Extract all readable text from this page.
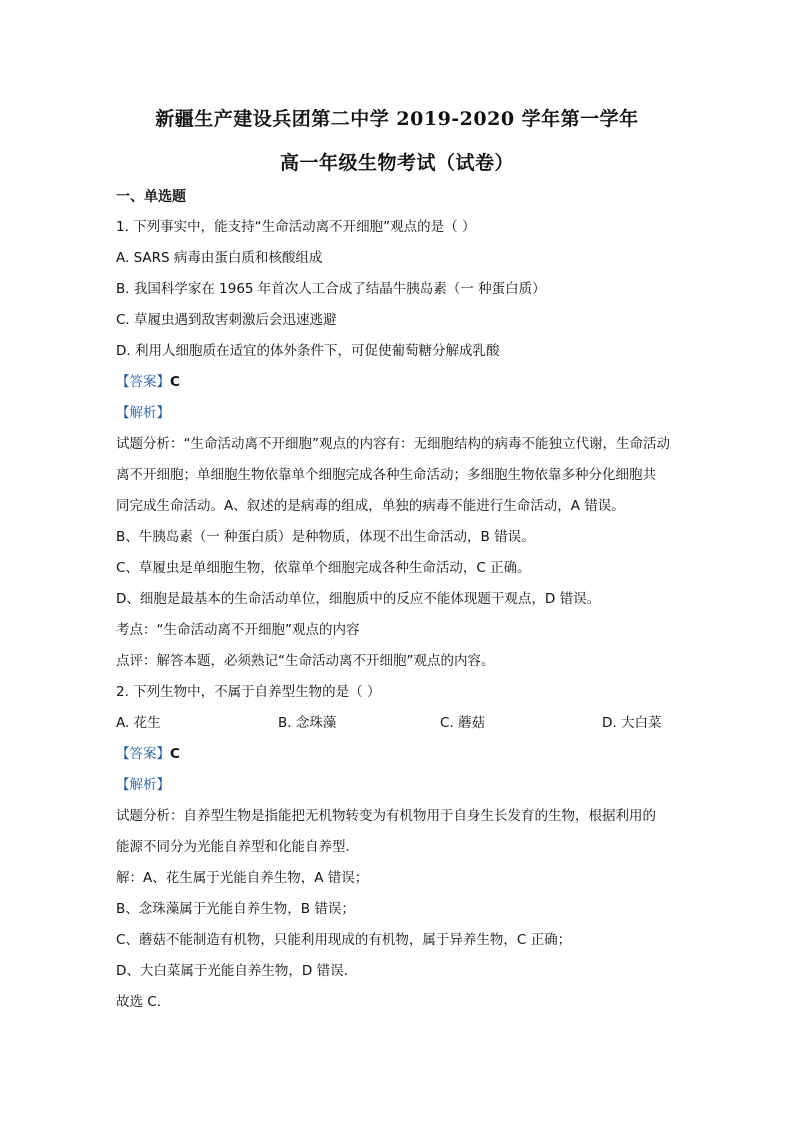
新疆生产建设兵团第二中学 2019-2020 学年第一学年
高一年级生物考试（试卷）
一、单选题
1. 下列事实中，能支持“生命活动离不开细胞”观点的是（ ）
A. SARS 病毒由蛋白质和核酸组成
B. 我国科学家在 1965 年首次人工合成了结晶牛胰岛素（一 种蛋白质）
C. 草履虫遇到敌害刺激后会迅速逃避
D. 利用人细胞质在适宜的体外条件下，可促使葡萄糖分解成乳酸
【答案】C
【解析】
试题分析：“生命活动离不开细胞”观点的内容有：无细胞结构的病毒不能独立代谢，生命活动
离不开细胞；单细胞生物依靠单个细胞完成各种生命活动；多细胞生物依靠多种分化细胞共
同完成生命活动。A、叙述的是病毒的组成，单独的病毒不能进行生命活动，A 错误。
B、牛胰岛素（一 种蛋白质）是种物质，体现不出生命活动，B 错误。
C、草履虫是单细胞生物，依靠单个细胞完成各种生命活动，C 正确。
D、细胞是最基本的生命活动单位，细胞质中的反应不能体现题干观点，D 错误。
考点：“生命活动离不开细胞”观点的内容
点评：解答本题，必须熟记“生命活动离不开细胞”观点的内容。
2. 下列生物中，不属于自养型生物的是（ ）
A. 花生	B. 念珠藻	C. 蘑菇	D. 大白菜
【答案】C
【解析】
试题分析：自养型生物是指能把无机物转变为有机物用于自身生长发育的生物，根据利用的
能源不同分为光能自养型和化能自养型．
解：A、花生属于光能自养生物，A 错误；
B、念珠藻属于光能自养生物，B 错误；
C、蘑菇不能制造有机物，只能利用现成的有机物，属于异养生物，C 正确；
D、大白菜属于光能自养生物，D 错误．
故选 C．
